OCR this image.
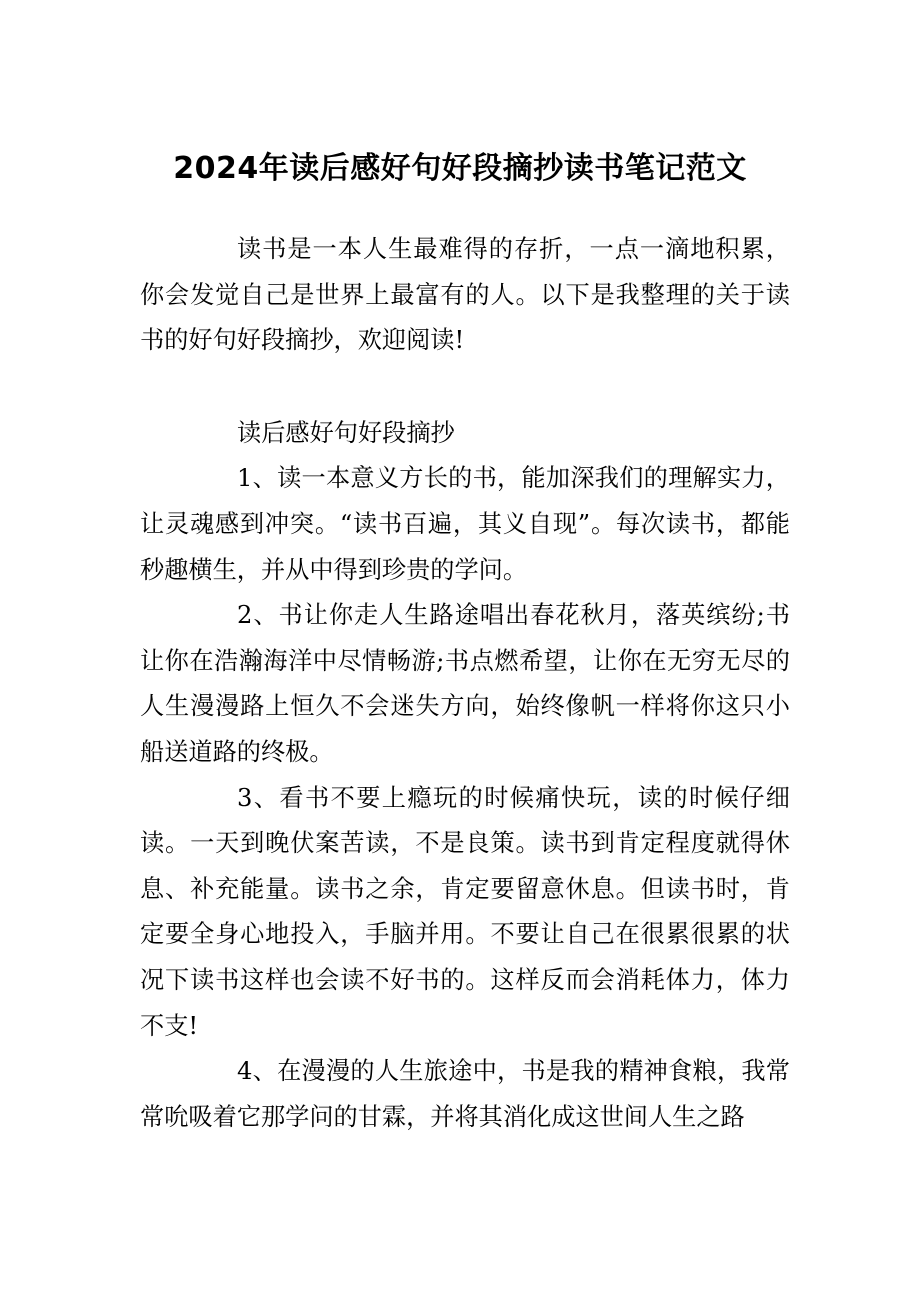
2024年读后感好句好段摘抄读书笔记范文

读书是一本人生最难得的存折，一点一滴地积累，你会发觉自己是世界上最富有的人。以下是我整理的关于读书的好句好段摘抄，欢迎阅读!

读后感好句好段摘抄

1、读一本意义方长的书，能加深我们的理解实力，让灵魂感到冲突。“读书百遍，其义自现”。每次读书，都能秒趣横生，并从中得到珍贵的学问。

2、书让你走人生路途唱出春花秋月，落英缤纷;书让你在浩瀚海洋中尽情畅游;书点燃希望，让你在无穷无尽的人生漫漫路上恒久不会迷失方向，始终像帆一样将你这只小船送道路的终极。

3、看书不要上瘾玩的时候痛快玩，读的时候仔细读。一天到晚伏案苦读，不是良策。读书到肯定程度就得休息、补充能量。读书之余，肯定要留意休息。但读书时，肯定要全身心地投入，手脑并用。不要让自己在很累很累的状况下读书这样也会读不好书的。这样反而会消耗体力，体力不支!

4、在漫漫的人生旅途中，书是我的精神食粮，我常常吮吸着它那学问的甘霖，并将其消化成这世间人生之路
